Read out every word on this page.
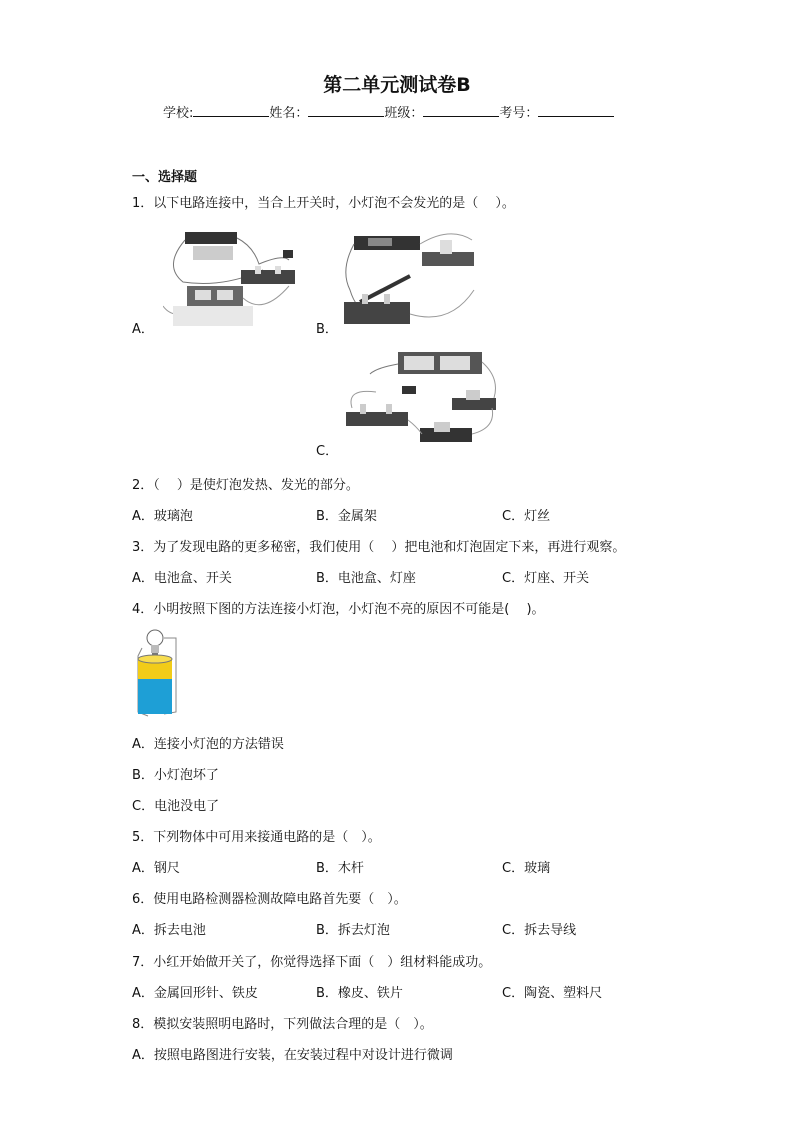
第二单元测试卷B
学校:	姓名：	班级：	考号：
一、选择题
1．以下电路连接中，当合上开关时，小灯泡不会发光的是（　 ）。
A．	B．
C．
2．（　 ）是使灯泡发热、发光的部分。
A．玻璃泡	B．金属架	C．灯丝
3．为了发现电路的更多秘密，我们使用（　 ）把电池和灯泡固定下来，再进行观察。
A．电池盒、开关	B．电池盒、灯座	C．灯座、开关
4．小明按照下图的方法连接小灯泡，小灯泡不亮的原因不可能是(　 )。
A．连接小灯泡的方法错误
B．小灯泡坏了
C．电池没电了
5．下列物体中可用来接通电路的是（　）。
A．钢尺	B．木杆	C．玻璃
6．使用电路检测器检测故障电路首先要（　）。
A．拆去电池	B．拆去灯泡	C．拆去导线
7．小红开始做开关了，你觉得选择下面（　）组材料能成功。
A．金属回形针、铁皮	B．橡皮、铁片	C．陶瓷、塑料尺
8．模拟安装照明电路时，下列做法合理的是（　）。
A．按照电路图进行安装，在安装过程中对设计进行微调
